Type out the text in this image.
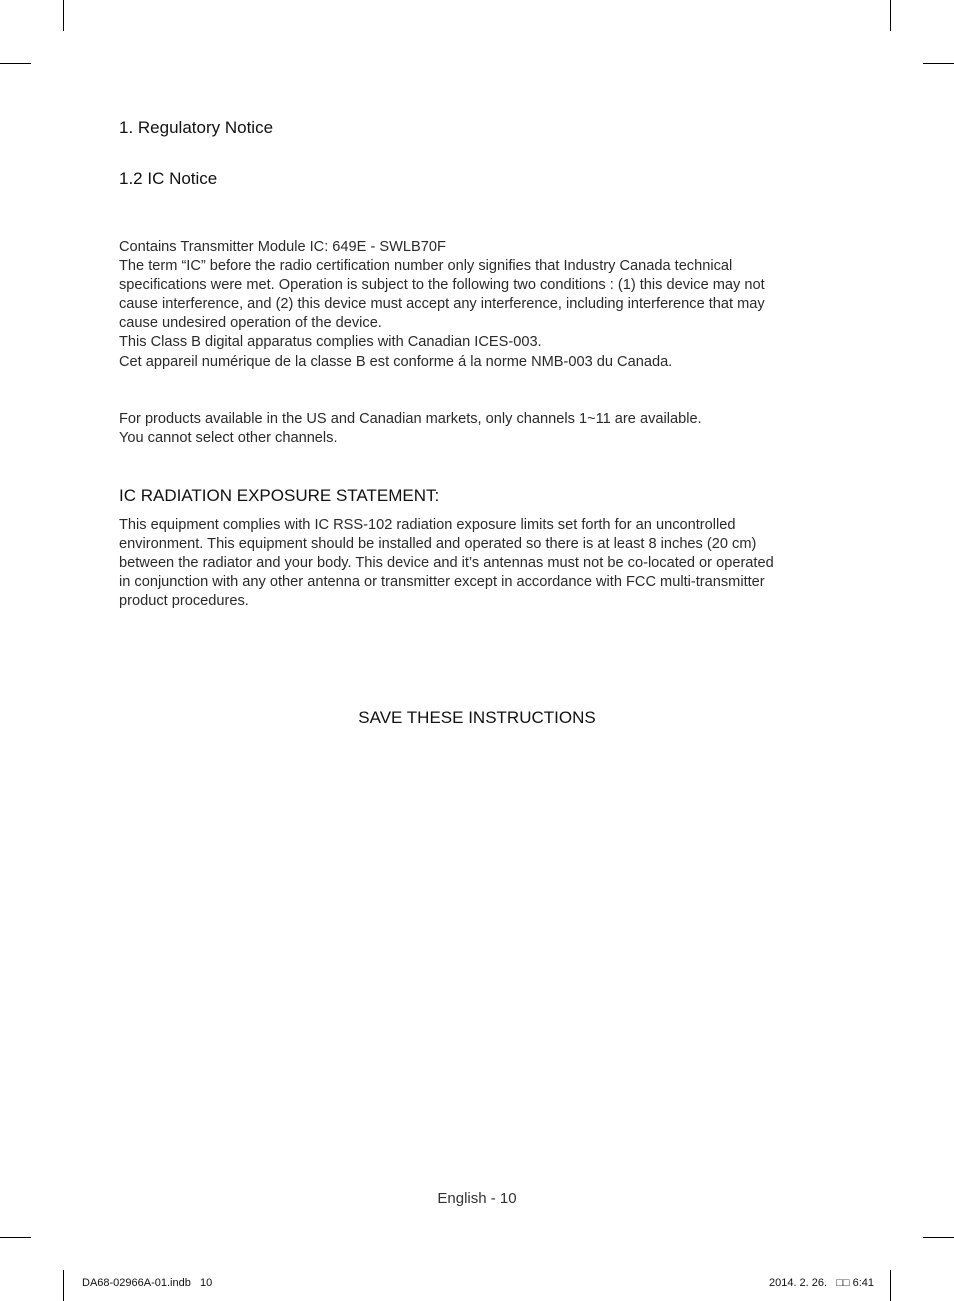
1. Regulatory Notice
1.2 IC Notice

Contains Transmitter Module IC: 649E - SWLB70F
The term “IC” before the radio certification number only signifies that Industry Canada technical
specifications were met. Operation is subject to the following two conditions : (1) this device may not
cause interference, and (2) this device must accept any interference, including interference that may
cause undesired operation of the device.
This Class B digital apparatus complies with Canadian ICES-003.
Cet appareil numérique de la classe B est conforme á la norme NMB-003 du Canada.

For products available in the US and Canadian markets, only channels 1~11 are available.
You cannot select other channels.

IC RADIATION EXPOSURE STATEMENT:

This equipment complies with IC RSS-102 radiation exposure limits set forth for an uncontrolled
environment. This equipment should be installed and operated so there is at least 8 inches (20 cm)
between the radiator and your body. This device and it’s antennas must not be co-located or operated
in conjunction with any other antenna or transmitter except in accordance with FCC multi-transmitter
product procedures.

SAVE THESE INSTRUCTIONS
English - 10
DA68-02966A-01.indb   10	2014. 2. 26.   □□ 6:41
